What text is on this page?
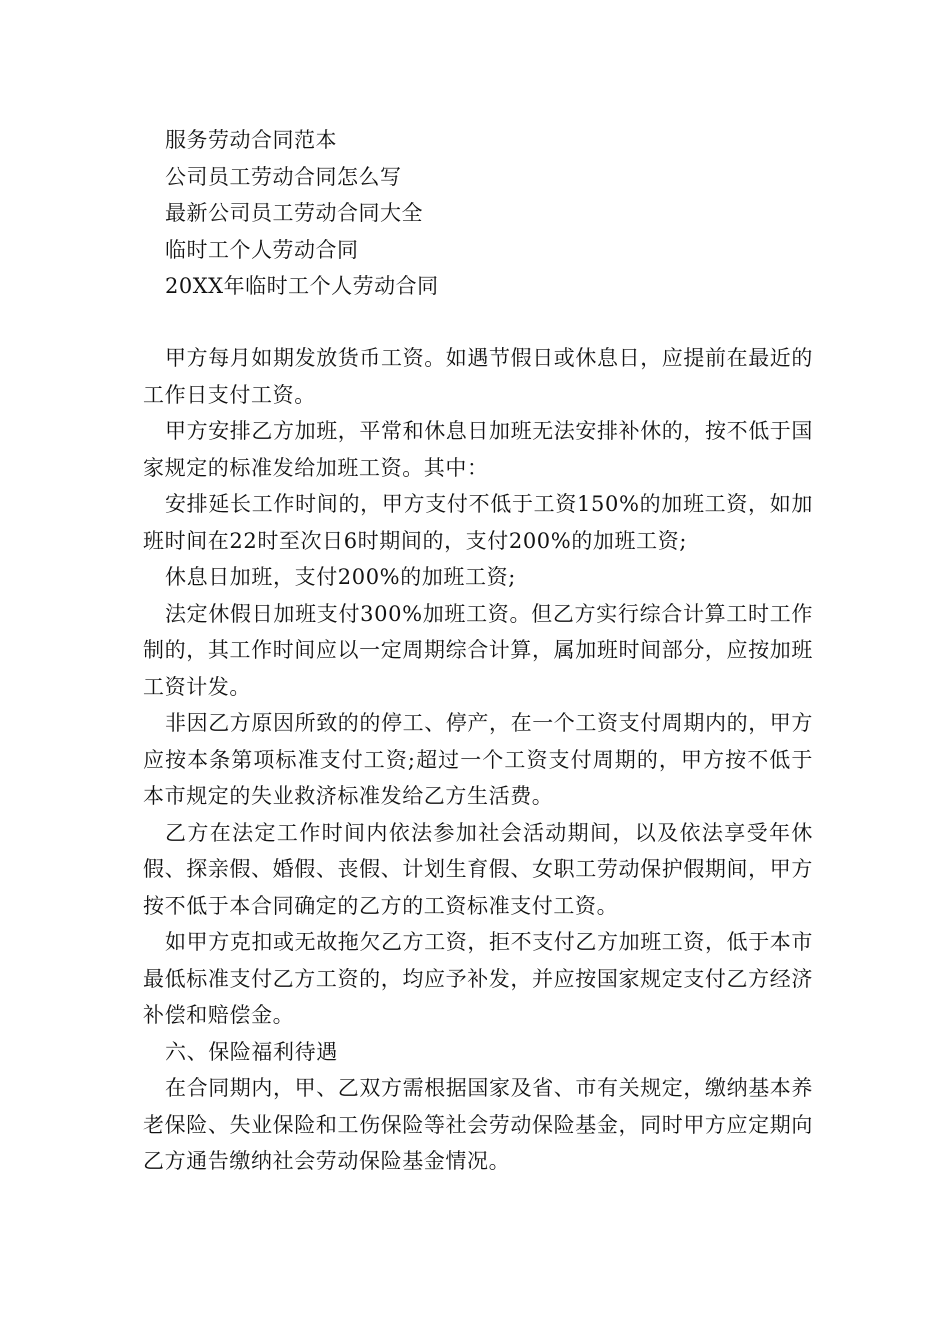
服务劳动合同范本
公司员工劳动合同怎么写
最新公司员工劳动合同大全
临时工个人劳动合同
20XX年临时工个人劳动合同

甲方每月如期发放货币工资。如遇节假日或休息日，应提前在最近的工作日支付工资。

甲方安排乙方加班，平常和休息日加班无法安排补休的，按不低于国家规定的标准发给加班工资。其中：

安排延长工作时间的，甲方支付不低于工资150%的加班工资，如加班时间在22时至次日6时期间的，支付200%的加班工资;

休息日加班，支付200%的加班工资;

法定休假日加班支付300%加班工资。但乙方实行综合计算工时工作制的，其工作时间应以一定周期综合计算，属加班时间部分，应按加班工资计发。

非因乙方原因所致的的停工、停产，在一个工资支付周期内的，甲方应按本条第项标准支付工资;超过一个工资支付周期的，甲方按不低于本市规定的失业救济标准发给乙方生活费。

乙方在法定工作时间内依法参加社会活动期间，以及依法享受年休假、探亲假、婚假、丧假、计划生育假、女职工劳动保护假期间，甲方按不低于本合同确定的乙方的工资标准支付工资。

如甲方克扣或无故拖欠乙方工资，拒不支付乙方加班工资，低于本市最低标准支付乙方工资的，均应予补发，并应按国家规定支付乙方经济补偿和赔偿金。

六、保险福利待遇

在合同期内，甲、乙双方需根据国家及省、市有关规定，缴纳基本养老保险、失业保险和工伤保险等社会劳动保险基金，同时甲方应定期向乙方通告缴纳社会劳动保险基金情况。
